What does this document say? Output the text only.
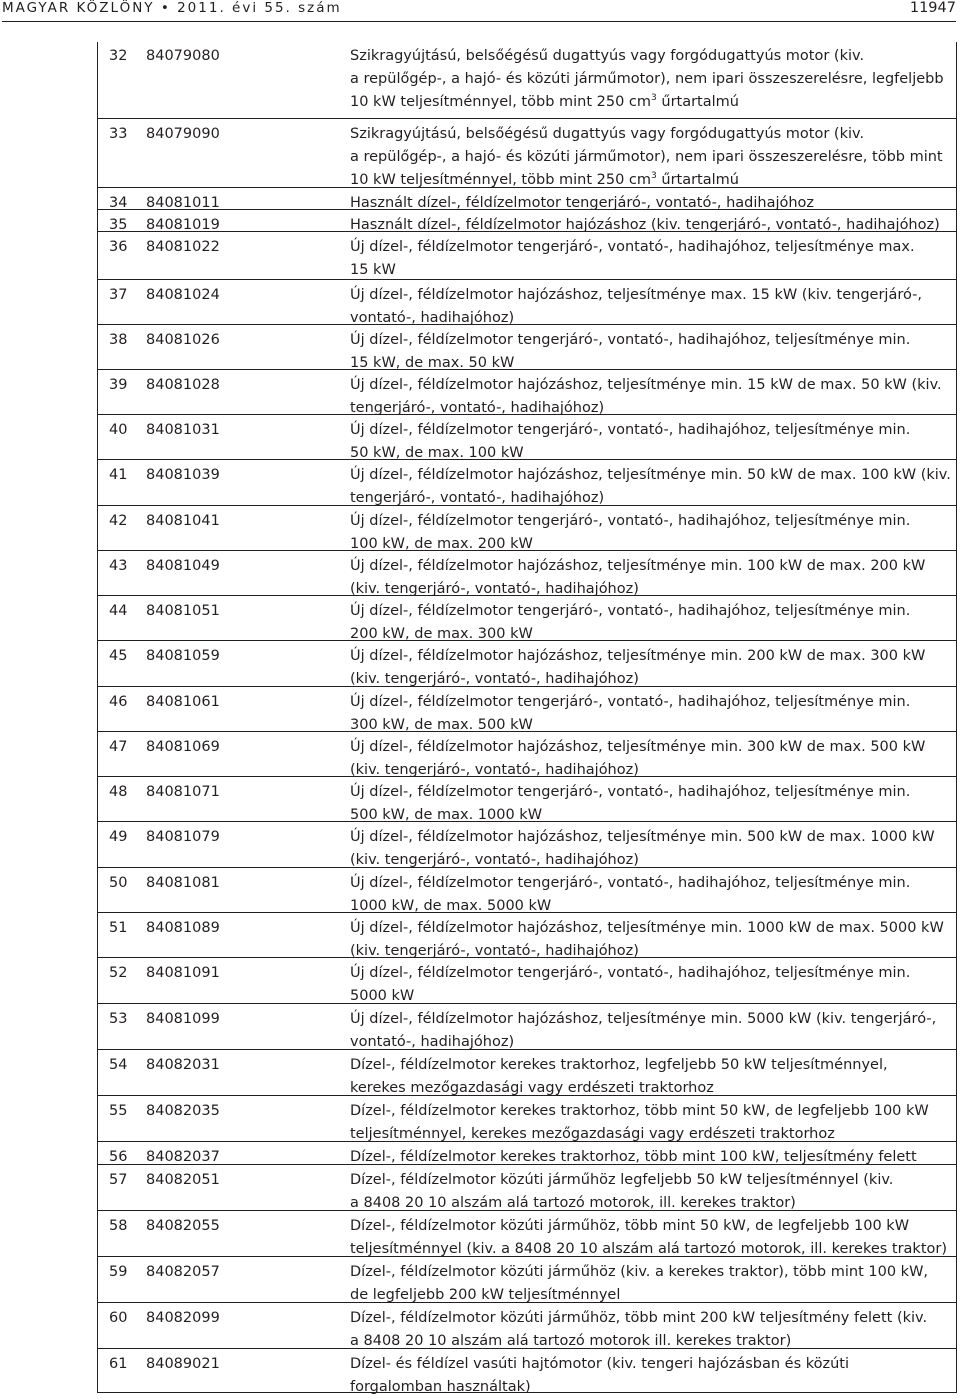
MAGYAR KÖZLÖNY • 2011. évi 55. szám	11947
32 84079080	Szikragyújtású, belsőégésű dugattyús vagy forgódugattyús motor (kiv.
a repülőgép-, a hajó- és közúti járműmotor), nem ipari összeszerelésre, legfeljebb
10 kW teljesítménnyel, több mint 250 $cm^3$ űrtartalmú
33 84079090	Szikragyújtású, belsőégésű dugattyús vagy forgódugattyús motor (kiv.
a repülőgép-, a hajó- és közúti járműmotor), nem ipari összeszerelésre, több mint
10 kW teljesítménnyel, több mint 250 $cm^3$ űrtartalmú
34 84081011	Használt dízel-, féldízelmotor tengerjáró-, vontató-, hadihajóhoz
35 84081019	Használt dízel-, féldízelmotor hajózáshoz (kiv. tengerjáró-, vontató-, hadihajóhoz)
36 84081022	Új dízel-, féldízelmotor tengerjáró-, vontató-, hadihajóhoz, teljesítménye max.
15 kW
37 84081024	Új dízel-, féldízelmotor hajózáshoz, teljesítménye max. 15 kW (kiv. tengerjáró-,
vontató-, hadihajóhoz)
38 84081026	Új dízel-, féldízelmotor tengerjáró-, vontató-, hadihajóhoz, teljesítménye min.
15 kW, de max. 50 kW
39 84081028	Új dízel-, féldízelmotor hajózáshoz, teljesítménye min. 15 kW de max. 50 kW (kiv.
tengerjáró-, vontató-, hadihajóhoz)
40 84081031	Új dízel-, féldízelmotor tengerjáró-, vontató-, hadihajóhoz, teljesítménye min.
50 kW, de max. 100 kW
41 84081039	Új dízel-, féldízelmotor hajózáshoz, teljesítménye min. 50 kW de max. 100 kW (kiv.
tengerjáró-, vontató-, hadihajóhoz)
42 84081041	Új dízel-, féldízelmotor tengerjáró-, vontató-, hadihajóhoz, teljesítménye min.
100 kW, de max. 200 kW
43 84081049	Új dízel-, féldízelmotor hajózáshoz, teljesítménye min. 100 kW de max. 200 kW
(kiv. tengerjáró-, vontató-, hadihajóhoz)
44 84081051	Új dízel-, féldízelmotor tengerjáró-, vontató-, hadihajóhoz, teljesítménye min.
200 kW, de max. 300 kW
45 84081059	Új dízel-, féldízelmotor hajózáshoz, teljesítménye min. 200 kW de max. 300 kW
(kiv. tengerjáró-, vontató-, hadihajóhoz)
46 84081061	Új dízel-, féldízelmotor tengerjáró-, vontató-, hadihajóhoz, teljesítménye min.
300 kW, de max. 500 kW
47 84081069	Új dízel-, féldízelmotor hajózáshoz, teljesítménye min. 300 kW de max. 500 kW
(kiv. tengerjáró-, vontató-, hadihajóhoz)
48 84081071	Új dízel-, féldízelmotor tengerjáró-, vontató-, hadihajóhoz, teljesítménye min.
500 kW, de max. 1000 kW
49 84081079	Új dízel-, féldízelmotor hajózáshoz, teljesítménye min. 500 kW de max. 1000 kW
(kiv. tengerjáró-, vontató-, hadihajóhoz)
50 84081081	Új dízel-, féldízelmotor tengerjáró-, vontató-, hadihajóhoz, teljesítménye min.
1000 kW, de max. 5000 kW
51 84081089	Új dízel-, féldízelmotor hajózáshoz, teljesítménye min. 1000 kW de max. 5000 kW
(kiv. tengerjáró-, vontató-, hadihajóhoz)
52 84081091	Új dízel-, féldízelmotor tengerjáró-, vontató-, hadihajóhoz, teljesítménye min.
5000 kW
53 84081099	Új dízel-, féldízelmotor hajózáshoz, teljesítménye min. 5000 kW (kiv. tengerjáró-,
vontató-, hadihajóhoz)
54 84082031	Dízel-, féldízelmotor kerekes traktorhoz, legfeljebb 50 kW teljesítménnyel,
kerekes mezőgazdasági vagy erdészeti traktorhoz
55 84082035	Dízel-, féldízelmotor kerekes traktorhoz, több mint 50 kW, de legfeljebb 100 kW
teljesítménnyel, kerekes mezőgazdasági vagy erdészeti traktorhoz
56 84082037	Dízel-, féldízelmotor kerekes traktorhoz, több mint 100 kW, teljesítmény felett
57 84082051	Dízel-, féldízelmotor közúti járműhöz legfeljebb 50 kW teljesítménnyel (kiv.
a 8408 20 10 alszám alá tartozó motorok, ill. kerekes traktor)
58 84082055	Dízel-, féldízelmotor közúti járműhöz, több mint 50 kW, de legfeljebb 100 kW
teljesítménnyel (kiv. a 8408 20 10 alszám alá tartozó motorok, ill. kerekes traktor)
59 84082057	Dízel-, féldízelmotor közúti járműhöz (kiv. a kerekes traktor), több mint 100 kW,
de legfeljebb 200 kW teljesítménnyel
60 84082099	Dízel-, féldízelmotor közúti járműhöz, több mint 200 kW teljesítmény felett (kiv.
a 8408 20 10 alszám alá tartozó motorok ill. kerekes traktor)
61 84089021	Dízel- és féldízel vasúti hajtómotor (kiv. tengeri hajózásban és közúti
forgalomban használtak)
